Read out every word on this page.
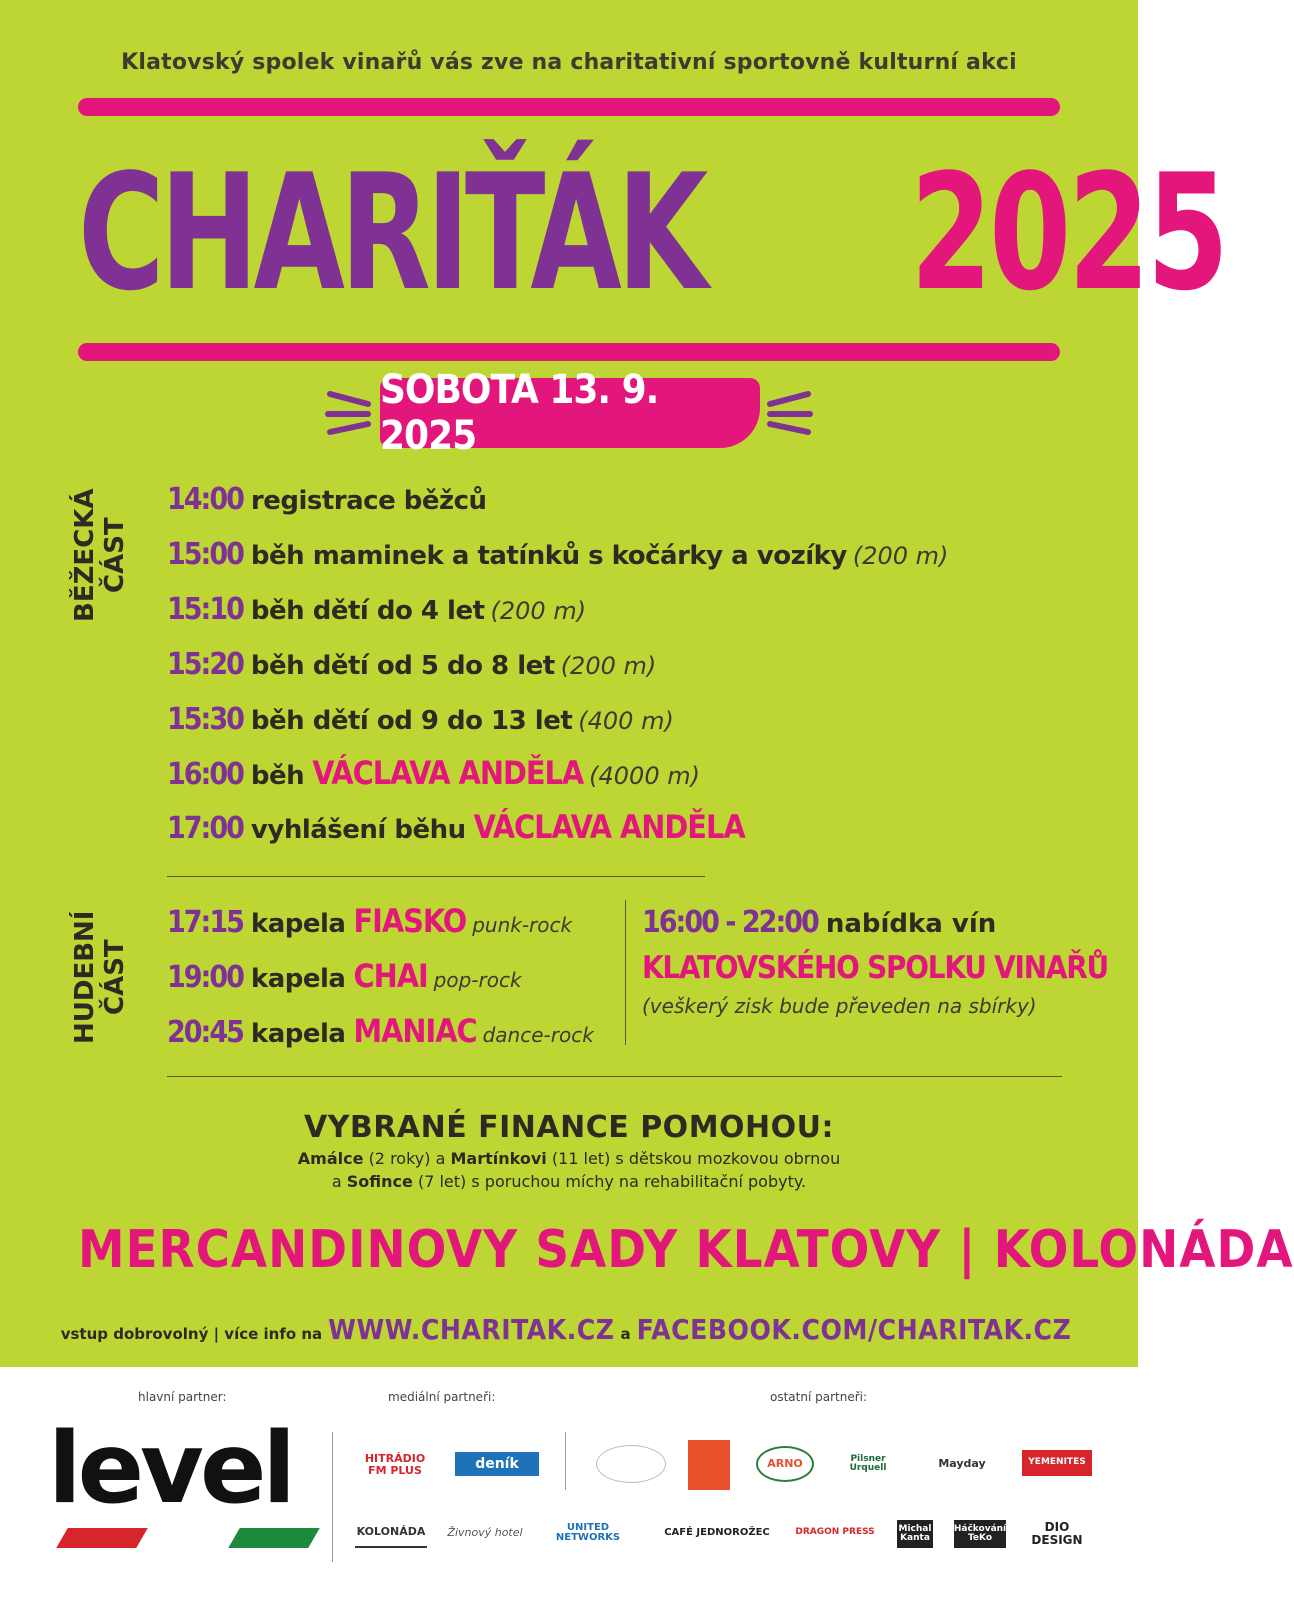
Klatovský spolek vinařů vás zve na charitativní sportovně kulturní akci
CHARIŤÁK 2025
SOBOTA 13. 9. 2025
BĚŽECKÁ ČÁST
14:00 registrace běžců
15:00 běh maminek a tatínků s kočárky a vozíky (200 m)
15:10 běh dětí do 4 let (200 m)
15:20 běh dětí od 5 do 8 let (200 m)
15:30 běh dětí od 9 do 13 let (400 m)
16:00 běh VÁCLAVA ANDĚLA (4000 m)
17:00 vyhlášení běhu VÁCLAVA ANDĚLA
HUDEBNÍ ČÁST
17:15 kapela FIASKO punk-rock
19:00 kapela CHAI pop-rock
20:45 kapela MANIAC dance-rock
16:00 - 22:00 nabídka vín
KLATOVSKÉHO SPOLKU VINAŘŮ
(veškerý zisk bude převeden na sbírky)
VYBRANÉ FINANCE POMOHOU:
Amálce (2 roky) a Martínkovi (11 let) s dětskou mozkovou obrnou
a Sofince (7 let) s poruchou míchy na rehabilitační pobyty.
MERCANDINOVY SADY KLATOVY | KOLONÁDA
vstup dobrovolný | více info na WWW.CHARITAK.CZ a FACEBOOK.COM/CHARITAK.CZ
hlavní partner:	mediální partneři:	ostatní partneři:
level	HITRÁDIO FM PLUS	deník
KOLONÁDA Živnový hotel
ARNO	Pilsner Urquell	Mayday	YEMENITES
UNITED NETWORKS	CAFÉ JEDNOROŽEC	DRAGON PRESS	Michal Kanta
Háčkování TeKo
DIO DESIGN
